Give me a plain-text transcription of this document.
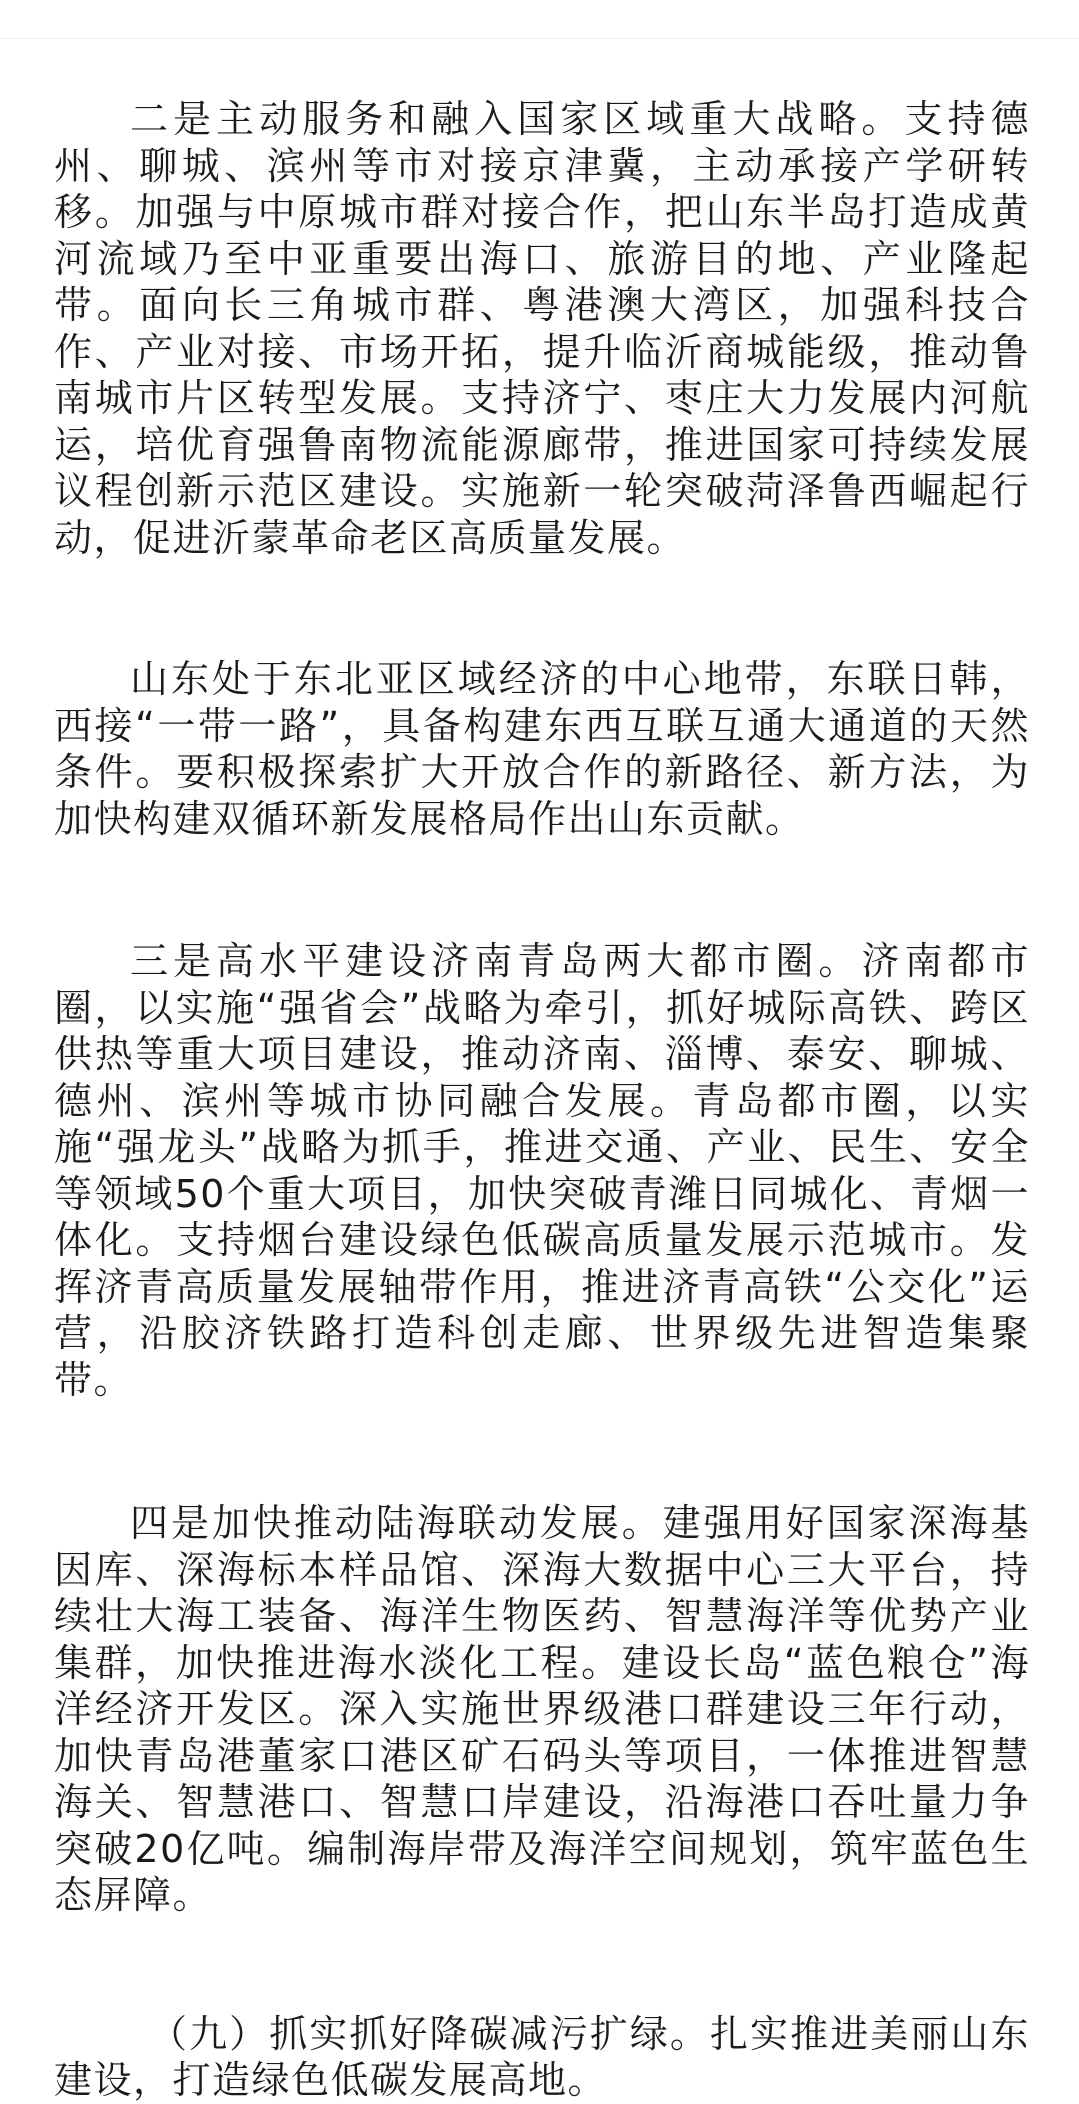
二是主动服务和融入国家区域重大战略。支持德州、聊城、滨州等市对接京津冀，主动承接产学研转移。加强与中原城市群对接合作，把山东半岛打造成黄河流域乃至中亚重要出海口、旅游目的地、产业隆起带。面向长三角城市群、粤港澳大湾区，加强科技合作、产业对接、市场开拓，提升临沂商城能级，推动鲁南城市片区转型发展。支持济宁、枣庄大力发展内河航运，培优育强鲁南物流能源廊带，推进国家可持续发展议程创新示范区建设。实施新一轮突破菏泽鲁西崛起行动，促进沂蒙革命老区高质量发展。

山东处于东北亚区域经济的中心地带，东联日韩，西接“一带一路”，具备构建东西互联互通大通道的天然条件。要积极探索扩大开放合作的新路径、新方法，为加快构建双循环新发展格局作出山东贡献。

三是高水平建设济南青岛两大都市圈。济南都市圈，以实施“强省会”战略为牵引，抓好城际高铁、跨区供热等重大项目建设，推动济南、淄博、泰安、聊城、德州、滨州等城市协同融合发展。青岛都市圈，以实施“强龙头”战略为抓手，推进交通、产业、民生、安全等领域50个重大项目，加快突破青潍日同城化、青烟一体化。支持烟台建设绿色低碳高质量发展示范城市。发挥济青高质量发展轴带作用，推进济青高铁“公交化”运营，沿胶济铁路打造科创走廊、世界级先进智造集聚带。

四是加快推动陆海联动发展。建强用好国家深海基因库、深海标本样品馆、深海大数据中心三大平台，持续壮大海工装备、海洋生物医药、智慧海洋等优势产业集群，加快推进海水淡化工程。建设长岛“蓝色粮仓”海洋经济开发区。深入实施世界级港口群建设三年行动，加快青岛港董家口港区矿石码头等项目，一体推进智慧海关、智慧港口、智慧口岸建设，沿海港口吞吐量力争突破20亿吨。编制海岸带及海洋空间规划，筑牢蓝色生态屏障。

（九）抓实抓好降碳减污扩绿。扎实推进美丽山东建设，打造绿色低碳发展高地。
